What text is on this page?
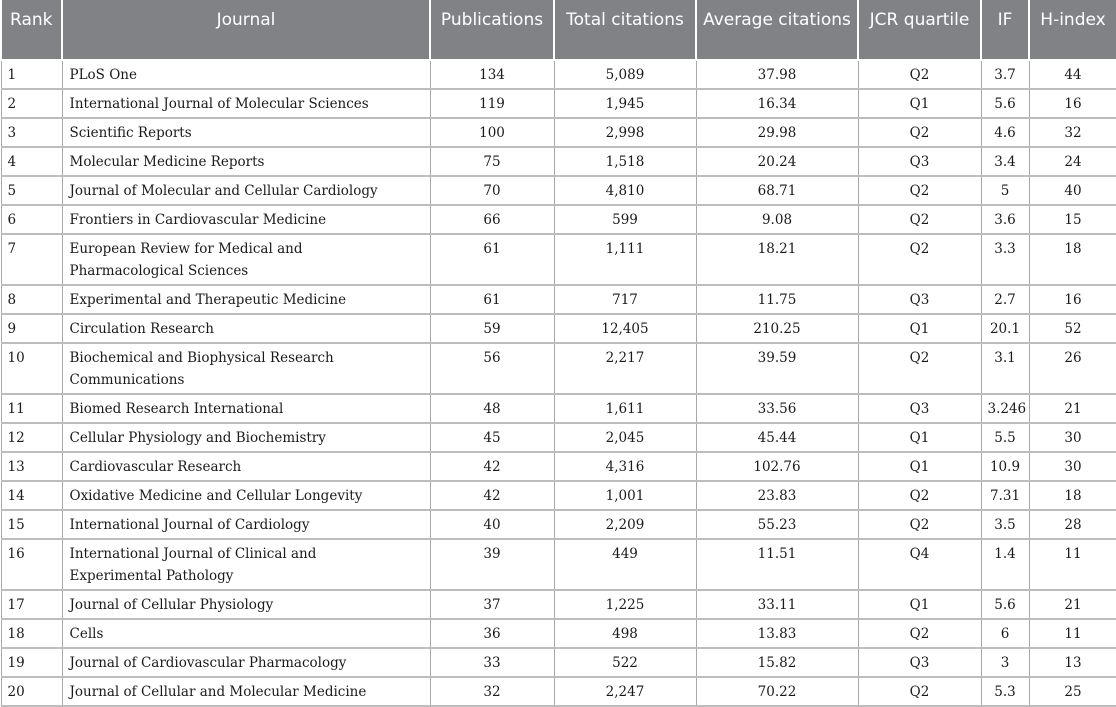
Rank	Journal	Publications	Total citations	Average citations	JCR quartile	IF	H-index
1	PLoS One	134	5,089	37.98	Q2	3.7	44
2	International Journal of Molecular Sciences	119	1,945	16.34	Q1	5.6	16
3	Scientific Reports	100	2,998	29.98	Q2	4.6	32
4	Molecular Medicine Reports	75	1,518	20.24	Q3	3.4	24
5	Journal of Molecular and Cellular Cardiology	70	4,810	68.71	Q2	5	40
6	Frontiers in Cardiovascular Medicine	66	599	9.08	Q2	3.6	15
7	European Review for Medical and Pharmacological Sciences	61	1,111	18.21	Q2	3.3	18
8	Experimental and Therapeutic Medicine	61	717	11.75	Q3	2.7	16
9	Circulation Research	59	12,405	210.25	Q1	20.1	52
10	Biochemical and Biophysical Research Communications	56	2,217	39.59	Q2	3.1	26
11	Biomed Research International	48	1,611	33.56	Q3	3.246	21
12	Cellular Physiology and Biochemistry	45	2,045	45.44	Q1	5.5	30
13	Cardiovascular Research	42	4,316	102.76	Q1	10.9	30
14	Oxidative Medicine and Cellular Longevity	42	1,001	23.83	Q2	7.31	18
15	International Journal of Cardiology	40	2,209	55.23	Q2	3.5	28
16	International Journal of Clinical and Experimental Pathology	39	449	11.51	Q4	1.4	11
17	Journal of Cellular Physiology	37	1,225	33.11	Q1	5.6	21
18	Cells	36	498	13.83	Q2	6	11
19	Journal of Cardiovascular Pharmacology	33	522	15.82	Q3	3	13
20	Journal of Cellular and Molecular Medicine	32	2,247	70.22	Q2	5.3	25
